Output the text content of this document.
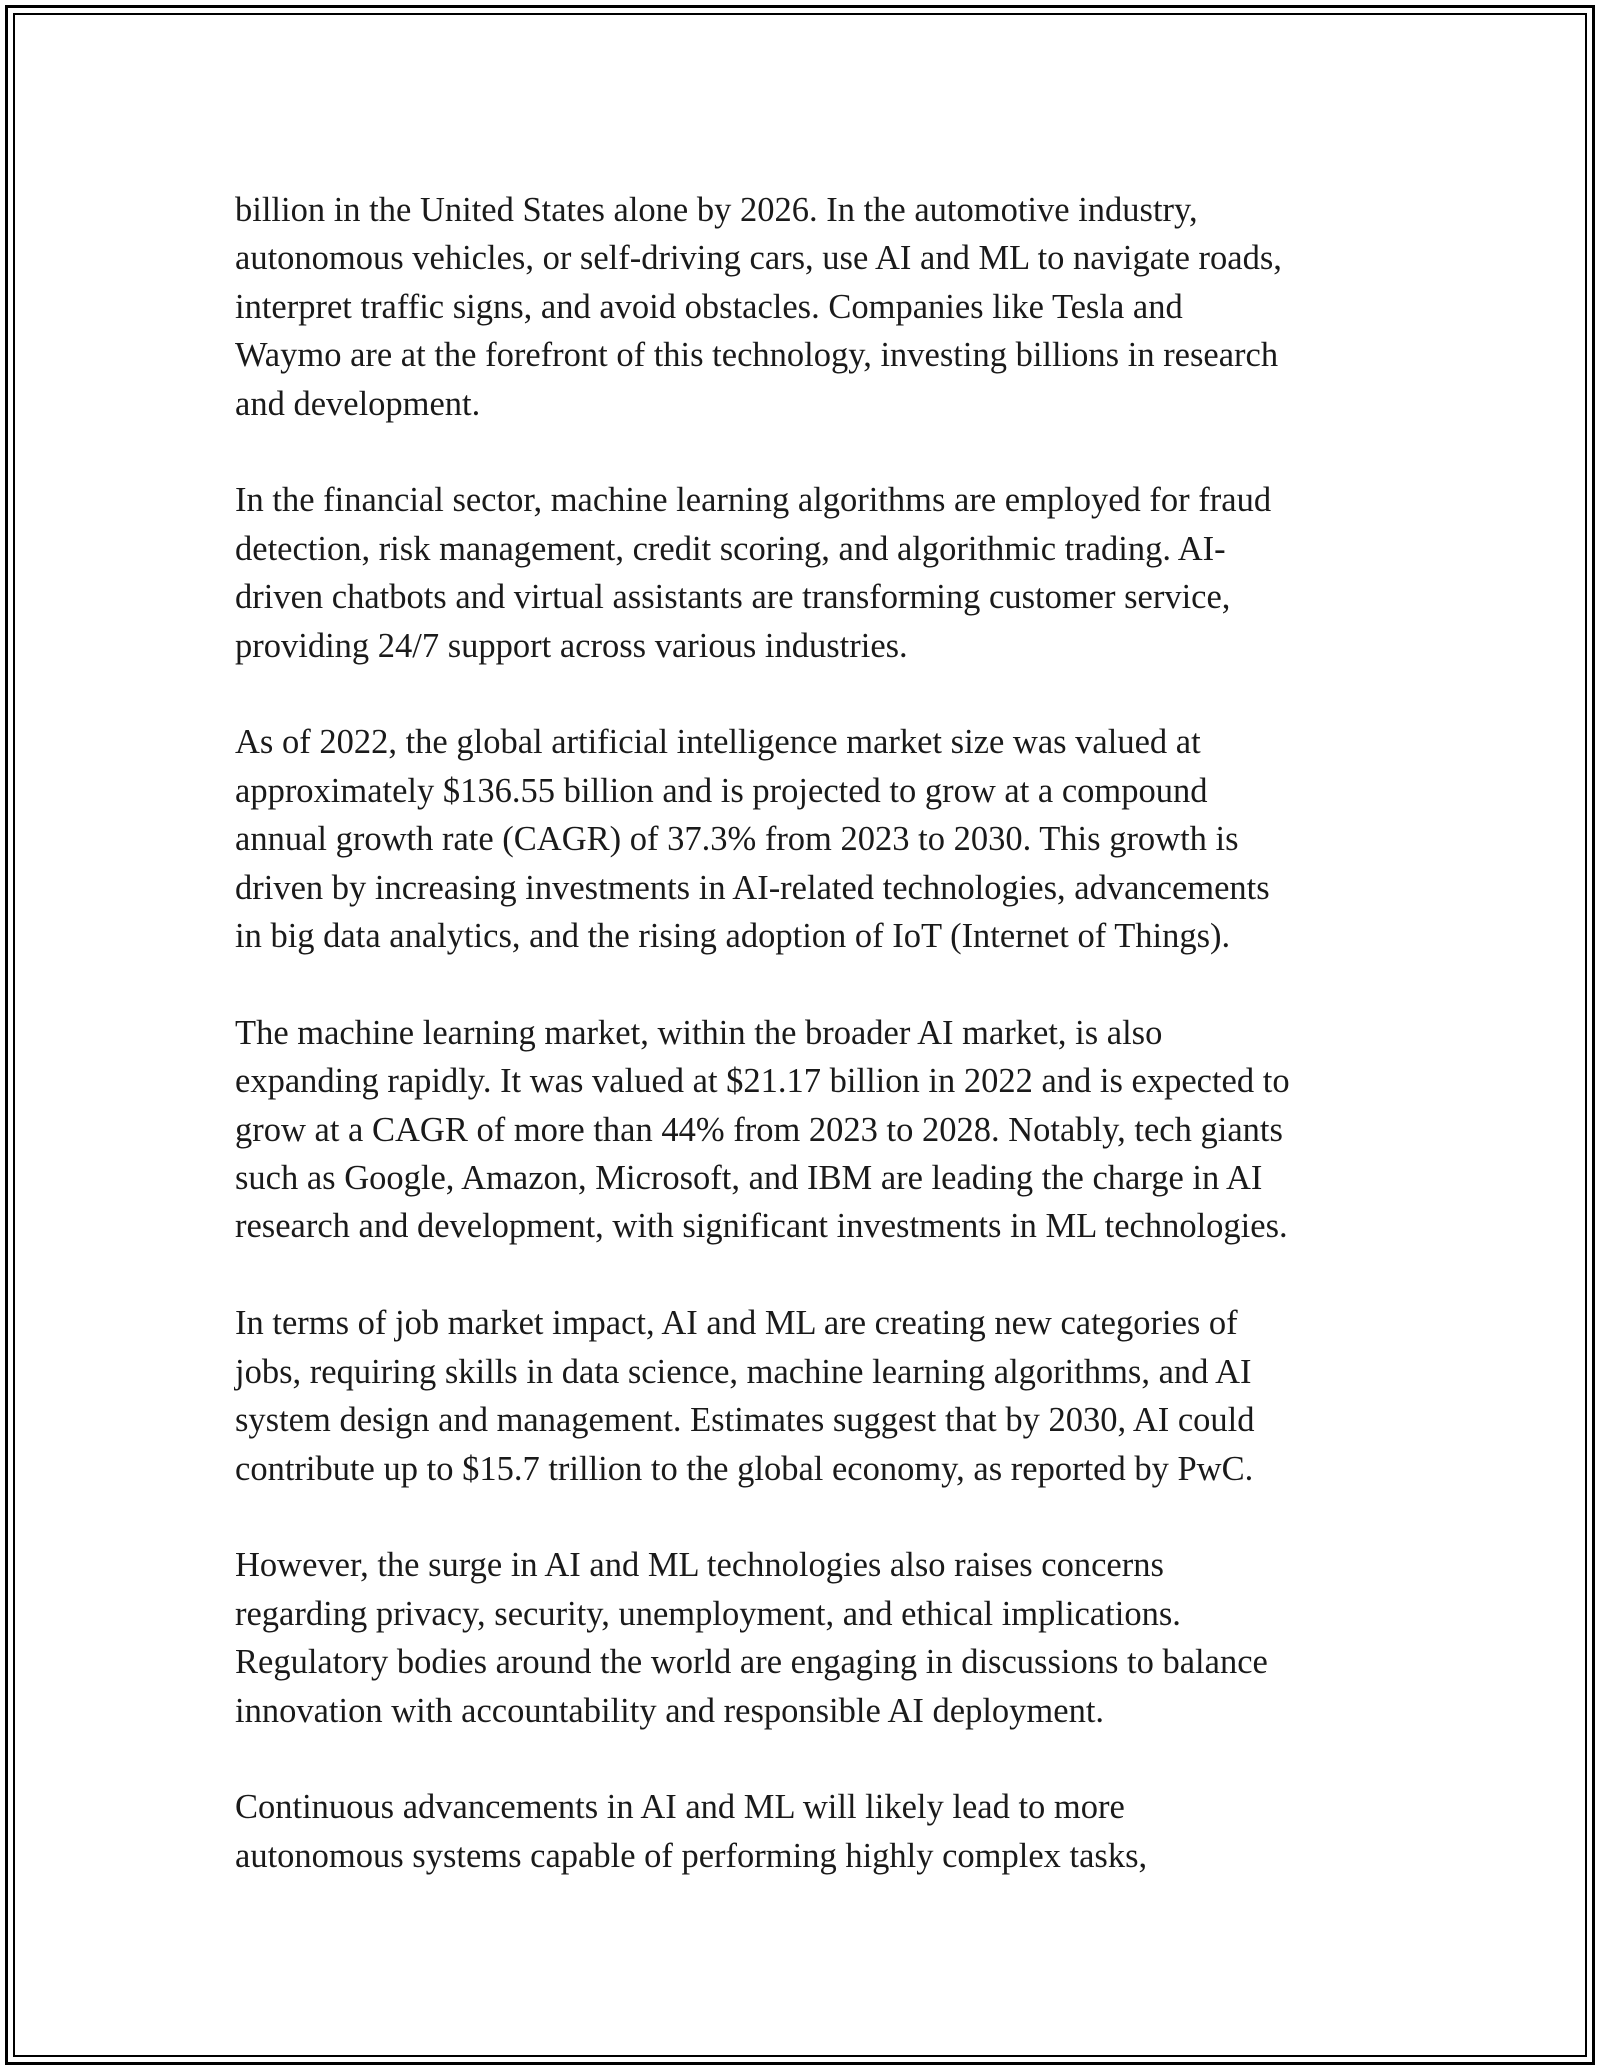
billion in the United States alone by 2026. In the automotive industry,
autonomous vehicles, or self-driving cars, use AI and ML to navigate roads,
interpret traffic signs, and avoid obstacles. Companies like Tesla and
Waymo are at the forefront of this technology, investing billions in research
and development.

In the financial sector, machine learning algorithms are employed for fraud
detection, risk management, credit scoring, and algorithmic trading. AI-
driven chatbots and virtual assistants are transforming customer service,
providing 24/7 support across various industries.

As of 2022, the global artificial intelligence market size was valued at
approximately $136.55 billion and is projected to grow at a compound
annual growth rate (CAGR) of 37.3% from 2023 to 2030. This growth is
driven by increasing investments in AI-related technologies, advancements
in big data analytics, and the rising adoption of IoT (Internet of Things).

The machine learning market, within the broader AI market, is also
expanding rapidly. It was valued at $21.17 billion in 2022 and is expected to
grow at a CAGR of more than 44% from 2023 to 2028. Notably, tech giants
such as Google, Amazon, Microsoft, and IBM are leading the charge in AI
research and development, with significant investments in ML technologies.

In terms of job market impact, AI and ML are creating new categories of
jobs, requiring skills in data science, machine learning algorithms, and AI
system design and management. Estimates suggest that by 2030, AI could
contribute up to $15.7 trillion to the global economy, as reported by PwC.

However, the surge in AI and ML technologies also raises concerns
regarding privacy, security, unemployment, and ethical implications.
Regulatory bodies around the world are engaging in discussions to balance
innovation with accountability and responsible AI deployment.

Continuous advancements in AI and ML will likely lead to more
autonomous systems capable of performing highly complex tasks,
